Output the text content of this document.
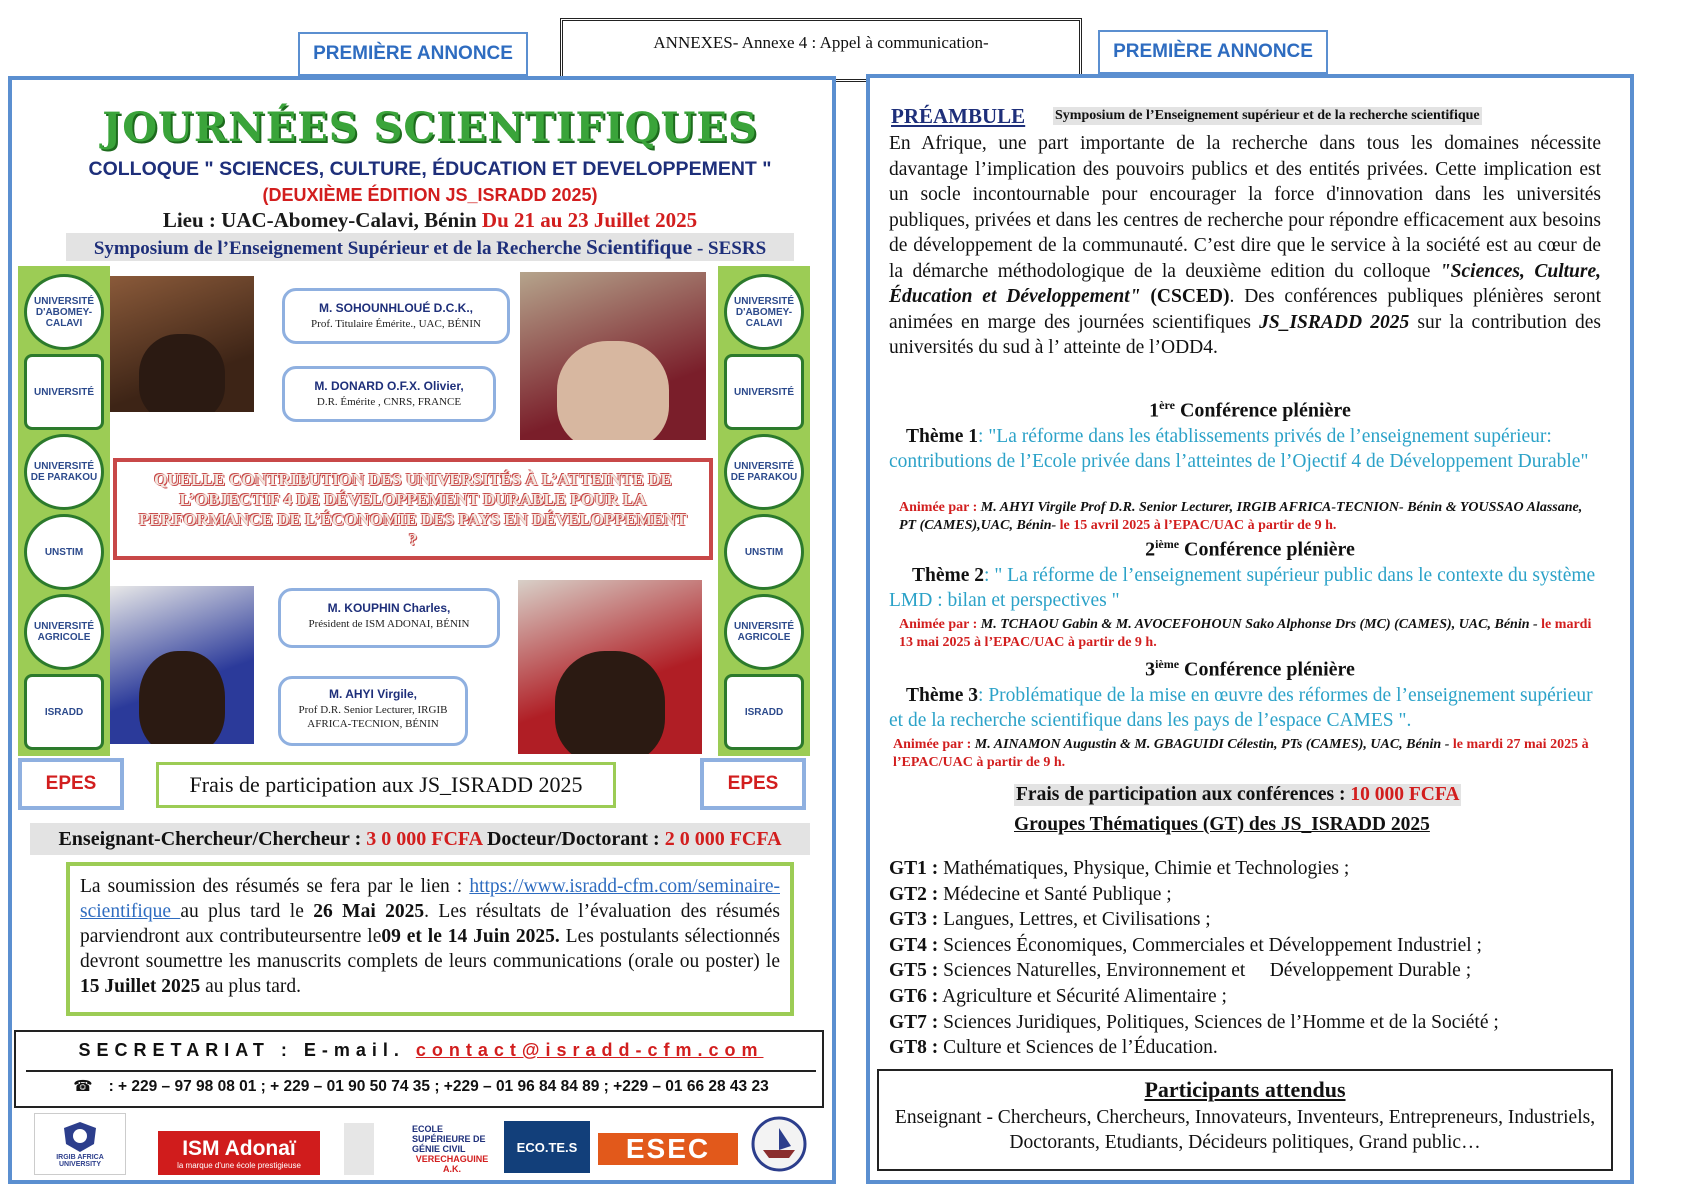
PREMIÈRE ANNONCE
ANNEXES- Annexe 4 : Appel à communication-	PREMIÈRE ANNONCE
JOURNÉES SCIENTIFIQUES
COLLOQUE " SCIENCES, CULTURE, ÉDUCATION ET DEVELOPPEMENT "
(DEUXIÈME ÉDITION JS_ISRADD 2025)
Lieu : UAC-Abomey-Calavi, Bénin Du 21 au 23 Juillet 2025
Symposium de l’Enseignement Supérieur et de la Recherche Scientifique - SESRS
UNIVERSITÉ D'ABOMEY-CALAVI
UNIVERSITÉ
UNIVERSITÉ DE PARAKOU
UNSTIM
UNIVERSITÉ AGRICOLE
ISRADD
UNIVERSITÉ D'ABOMEY-CALAVI
UNIVERSITÉ
UNIVERSITÉ DE PARAKOU
UNSTIM
UNIVERSITÉ AGRICOLE
ISRADD
M. SOHOUNHLOUÉ D.C.K.,
Prof. Titulaire Émérite., UAC, BÉNIN
M. DONARD O.F.X. Olivier,
D.R. Émérite , CNRS, FRANCE
QUELLE CONTRIBUTION DES UNIVERSITÉS À L’ATTEINTE DE L’OBJECTIF 4 DE DÉVELOPPEMENT DURABLE POUR LA PERFORMANCE DE L’ÉCONOMIE DES PAYS EN DÉVELOPPEMENT ?
M. KOUPHIN Charles,
Président de ISM ADONAI, BÉNIN
M. AHYI Virgile,
Prof D.R. Senior Lecturer, IRGIB AFRICA-TECNION, BÉNIN
EPES	Frais de participation aux JS_ISRADD 2025	EPES
Enseignant-Chercheur/Chercheur : 3 0 000 FCFA Docteur/Doctorant : 2 0 000 FCFA
La soumission des résumés se fera par le lien : https://www.isradd-cfm.com/seminaire-scientifique au plus tard le 26 Mai 2025. Les résultats de l’évaluation des résumés parviendront aux contributeursentre le09 et le 14 Juin 2025. Les postulants sélectionnés devront soumettre les manuscrits complets de leurs communications (orale ou poster) le 15 Juillet 2025 au plus tard.
SECRETARIAT : E-mail. contact@isradd-cfm.com
☎ : + 229 – 97 98 08 01 ; + 229 – 01 90 50 74 35 ; +229 – 01 96 84 84 89 ; +229 – 01 66 28 43 23
IRGIB AFRICA UNIVERSITY
ISM Adonaï
la marque d'une école prestigieuse
ECOLE SUPÉRIEURE DE GÉNIE CIVIL
VERECHAGUINE A.K.
ECO.TE.S	ESEC
PRÉAMBULE Symposium de l’Enseignement supérieur et de la recherche scientifique
En Afrique, une part importante de la recherche dans tous les domaines nécessite davantage l’implication des pouvoirs publics et des entités privées. Cette implication est un socle incontournable pour encourager la force d'innovation dans les universités publiques, privées et dans les centres de recherche pour répondre efficacement aux besoins de développement de la communauté. C’est dire que le service à la société est au cœur de la démarche méthodologique de la deuxième edition du colloque "Sciences, Culture, Éducation et Développement" (CSCED). Des conférences publiques plénières seront animées en marge des journées scientifiques JS_ISRADD 2025 sur la contribution des universités du sud à l’ atteinte de l’ODD4.
1ère Conférence plénière
Thème 1: "La réforme dans les établissements privés de l’enseignement supérieur: contributions de l’Ecole privée dans l’atteintes de l’Ojectif 4 de Développement Durable"
Animée par : M. AHYI Virgile Prof D.R. Senior Lecturer, IRGIB AFRICA-TECNION- Bénin & YOUSSAO Alassane, PT (CAMES),UAC, Bénin- le 15 avril 2025 à l’EPAC/UAC à partir de 9 h.
2ième Conférence plénière
Thème 2: " La réforme de l’enseignement supérieur public dans le contexte du système LMD : bilan et perspectives "
Animée par : M. TCHAOU Gabin & M. AVOCEFOHOUN Sako Alphonse Drs (MC) (CAMES), UAC, Bénin - le mardi 13 mai 2025 à l’EPAC/UAC à partir de 9 h.
3ième Conférence plénière
Thème 3: Problématique de la mise en œuvre des réformes de l’enseignement supérieur et de la recherche scientifique dans les pays de l’espace CAMES ".
Animée par : M. AINAMON Augustin & M. GBAGUIDI Célestin, PTs (CAMES), UAC, Bénin - le mardi 27 mai 2025 à l’EPAC/UAC à partir de 9 h.
Frais de participation aux conférences : 10 000 FCFA
Groupes Thématiques (GT) des JS_ISRADD 2025
GT1 : Mathématiques, Physique, Chimie et Technologies ;
GT2 : Médecine et Santé Publique ;
GT3 : Langues, Lettres, et Civilisations ;
GT4 : Sciences Économiques, Commerciales et Développement Industriel ;
GT5 : Sciences Naturelles, Environnement et     Développement Durable ;
GT6 : Agriculture et Sécurité Alimentaire ;
GT7 : Sciences Juridiques, Politiques, Sciences de l’Homme et de la Société ;
GT8 : Culture et Sciences de l’Éducation.
Participants attendus
Enseignant - Chercheurs, Chercheurs, Innovateurs, Inventeurs, Entrepreneurs, Industriels, Doctorants, Etudiants, Décideurs politiques, Grand public…
